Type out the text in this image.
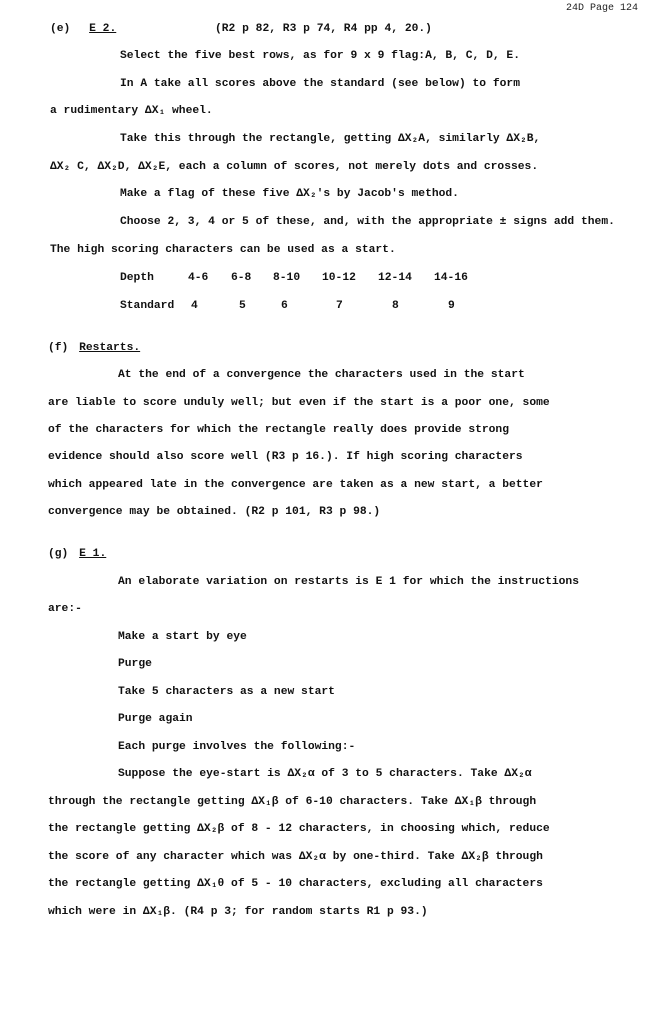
24D Page 124
(e) E 2.	(R2 p 82, R3 p 74, R4 pp 4, 20.)
Select the five best rows, as for 9 x 9 flag:A, B, C, D, E.
In A take all scores above the standard (see below) to form
a rudimentary ΔΧ₁ wheel.
Take this through the rectangle, getting ΔΧ₂A, similarly ΔΧ₂B,
ΔΧ₂ C, ΔΧ₂D, ΔΧ₂E, each a column of scores, not merely dots and crosses.
Make a flag of these five ΔΧ₂'s by Jacob's method.
Choose 2, 3, 4 or 5 of these, and, with the appropriate ± signs add them.
The high scoring characters can be used as a start.
Depth	4-6 6-8 8-10 10-12 12-14 14-16
Standard 4	5	6	7	8	9
(f) Restarts.
At the end of a convergence the characters used in the start
are liable to score unduly well; but even if the start is a poor one, some
of the characters for which the rectangle really does provide strong
evidence should also score well (R3 p 16.). If high scoring characters
which appeared late in the convergence are taken as a new start, a better
convergence may be obtained. (R2 p 101, R3 p 98.)
(g) E 1.
An elaborate variation on restarts is E 1 for which the instructions
are:-
Make a start by eye
Purge
Take 5 characters as a new start
Purge again
Each purge involves the following:-
Suppose the eye-start is ΔΧ₂α of 3 to 5 characters. Take ΔΧ₂α
through the rectangle getting ΔΧ₁β of 6-10 characters. Take ΔΧ₁β through
the rectangle getting ΔΧ₂β of 8 - 12 characters, in choosing which, reduce
the score of any character which was ΔΧ₂α by one-third. Take ΔΧ₂β through
the rectangle getting ΔΧ₁θ of 5 - 10 characters, excluding all characters
which were in ΔΧ₁β. (R4 p 3; for random starts R1 p 93.)
